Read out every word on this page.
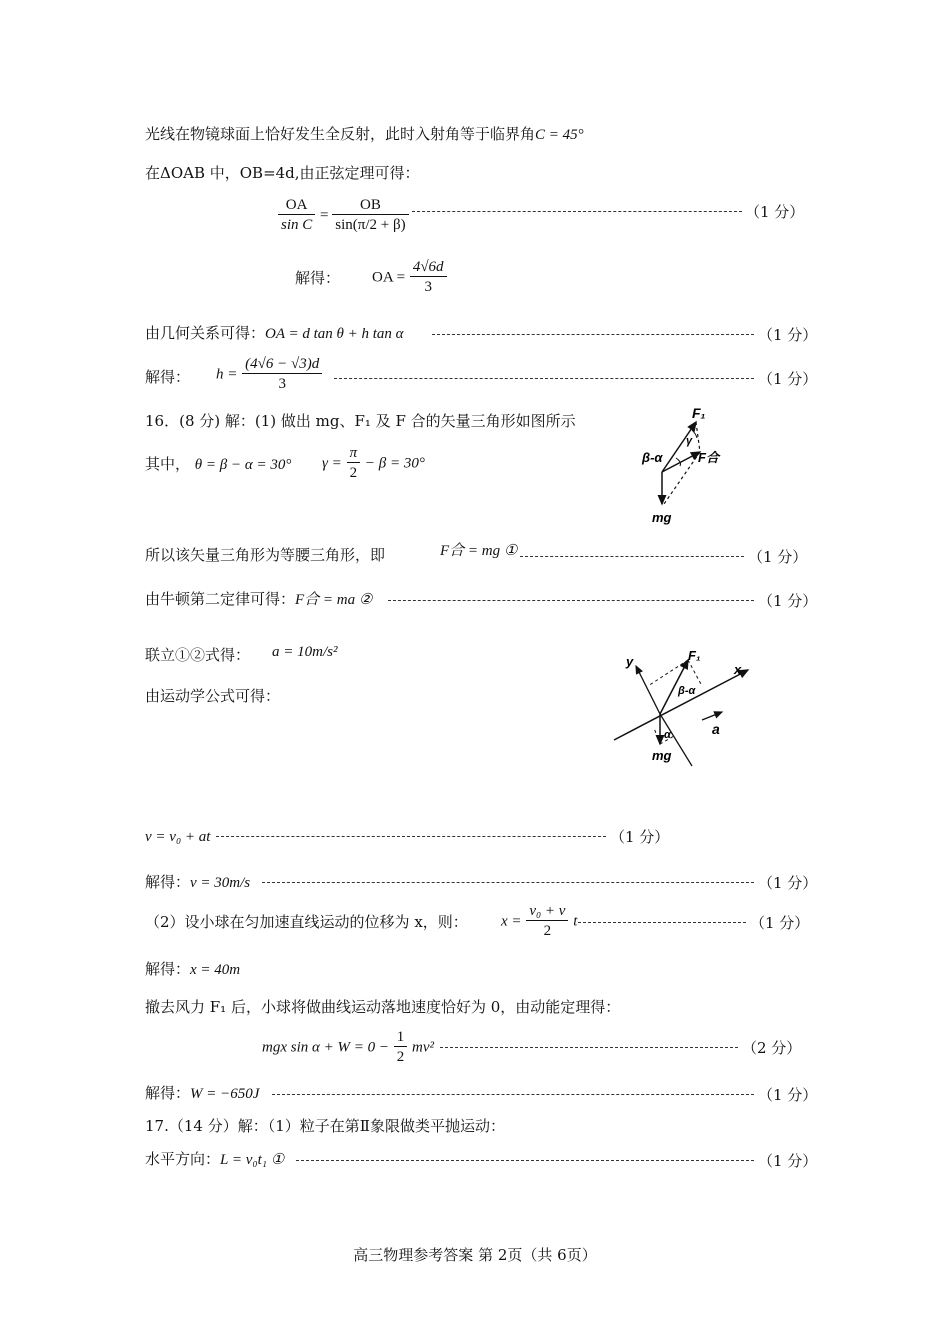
光线在物镜球面上恰好发生全反射，此时入射角等于临界角C = 45°
在ΔOAB 中，OB=4d,由正弦定理可得：
$\frac{OA}{\text{sin C}} = \frac{OB}{\sin(\pi/2 + \beta)}$	（1 分）
解得： OA = $\frac{4√6d}{3}$
由几何关系可得：OA = d tan θ + h tan α	（1 分）
解得： $h = \frac{(4√6 - √3)d}{3}$	（1 分）
16．(8 分) 解：(1) 做出 mg、F₁ 及 F 合的矢量三角形如图所示
其中， θ = β − α = 30° $\gamma = \frac{\pi}{2} - \beta = 30^\circ$
F₁
γ
β-α	F合
mg
所以该矢量三角形为等腰三角形，即	F合 = mg ①	（1 分）
由牛顿第二定律可得：F合 = ma ②	（1 分）
联立①②式得： a = 10m/s²
由运动学公式可得：
y	F₁
x
β-α
a
α
mg
v = v₀ + at	（1 分）
解得：v = 30m/s	（1 分）
（2）设小球在匀加速直线运动的位移为 x，则： $x = \frac{\text{v₀ + v}}{2}$ t	（1 分）
解得：x = 40m
撤去风力 F₁ 后，小球将做曲线运动落地速度恰好为 0，由动能定理得：
mgx $\sin \alpha + W = 0 - \frac{1}{2} mv^2$	（2 分）
解得：W = −650J	（1 分）
17.（14 分）解：（1）粒子在第Ⅱ象限做类平抛运动：
水平方向：L = v₀t₁ ①	（1 分）
高三物理参考答案 第 2页（共 6页）
